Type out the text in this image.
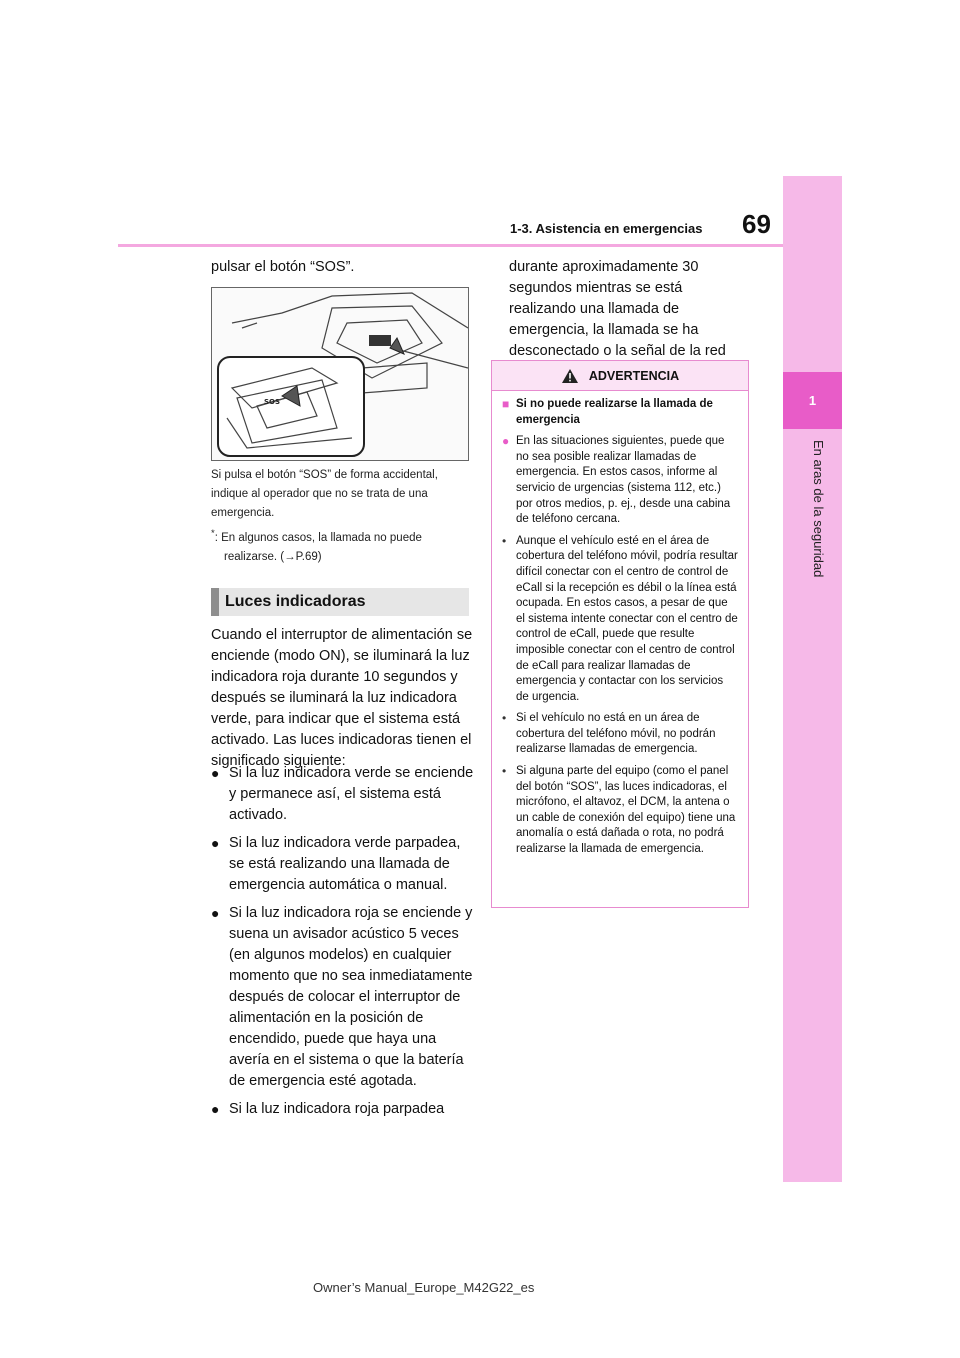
1
En aras de la seguridad
69
1-3. Asistencia en emergencias
pulsar el botón “SOS”.
SOS
Si pulsa el botón “SOS” de forma accidental, indique al operador que no se trata de una emergencia.
*: En algunos casos, la llamada no puede
realizarse. (→P.69)
Luces indicadoras
Cuando el interruptor de alimentación se enciende (modo ON), se iluminará la luz indicadora roja durante 10 segundos y después se iluminará la luz indicadora verde, para indicar que el sistema está activado. Las luces indicadoras tienen el significado siguiente:
● Si la luz indicadora verde se enciende y permanece así, el sistema está activado.
● Si la luz indicadora verde parpadea, se está realizando una llamada de emergencia automática o manual.
● Si la luz indicadora roja se enciende y suena un avisador acústico 5 veces (en algunos modelos) en cualquier momento que no sea inmediatamente después de colocar el interruptor de alimentación en la posición de encendido, puede que haya una avería en el sistema o que la batería de emergencia esté agotada.
● Si la luz indicadora roja parpadea
durante aproximadamente 30 segundos mientras se está realizando una llamada de emergencia, la llamada se ha desconectado o la señal de la red
ADVERTENCIA
■ Si no puede realizarse la llamada de emergencia
● En las situaciones siguientes, puede que no sea posible realizar llamadas de emergencia. En estos casos, informe al servicio de urgencias (sistema 112, etc.) por otros medios, p. ej., desde una cabina de teléfono cercana.
• Aunque el vehículo esté en el área de cobertura del teléfono móvil, podría resultar difícil conectar con el centro de control de eCall si la recepción es débil o la línea está ocupada. En estos casos, a pesar de que el sistema intente conectar con el centro de control de eCall, puede que resulte imposible conectar con el centro de control de eCall para realizar llamadas de emergencia y contactar con los servicios de urgencia.
• Si el vehículo no está en un área de cobertura del teléfono móvil, no podrán realizarse llamadas de emergencia.
• Si alguna parte del equipo (como el panel del botón “SOS”, las luces indicadoras, el micrófono, el altavoz, el DCM, la antena o un cable de conexión del equipo) tiene una anomalía o está dañada o rota, no podrá realizarse la llamada de emergencia.
Owner’s Manual_Europe_M42G22_es
